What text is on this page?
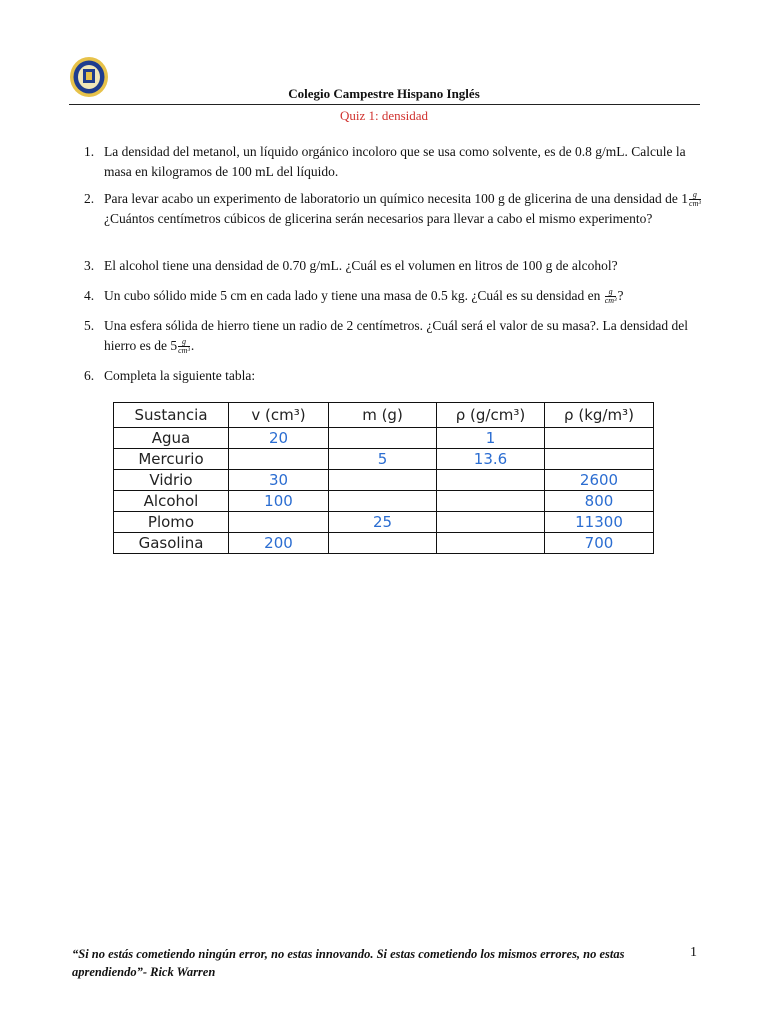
Colegio Campestre Hispano Inglés
Quiz 1: densidad
1. La densidad del metanol, un líquido orgánico incoloro que se usa como solvente, es de 0.8 g/mL. Calcule la masa en kilogramos de 100 mL del líquido.
2. Para levar acabo un experimento de laboratorio un químico necesita 100 g de glicerina de una densidad de $1 \frac{g}{\text{cm³}}$
¿Cuántos centímetros cúbicos de glicerina serán necesarios para llevar a cabo el mismo experimento?
3. El alcohol tiene una densidad de 0.70 g/mL. ¿Cuál es el volumen en litros de 100 g de alcohol?
4. Un cubo sólido mide 5 cm en cada lado y tiene una masa de 0.5 kg. ¿Cuál es su densidad en $\frac{g}{\text{cm³}}$ ?
5. Una esfera sólida de hierro tiene un radio de 2 centímetros. ¿Cuál será el valor de su masa?. La densidad del hierro es de $5 \frac{g}{\text{cm³}}$ .
6. Completa la siguiente tabla:
Sustancia	v (cm³)	m (g)	ρ (g/cm³)	ρ (kg/m³)
Agua	20		1	
Mercurio		5	13.6	
Vidrio	30			2600
Alcohol	100			800
Plomo		25		11300
Gasolina	200			700
“Si no estás cometiendo ningún error, no estas innovando. Si estas cometiendo los mismos errores, no estas aprendiendo”- Rick Warren
1
